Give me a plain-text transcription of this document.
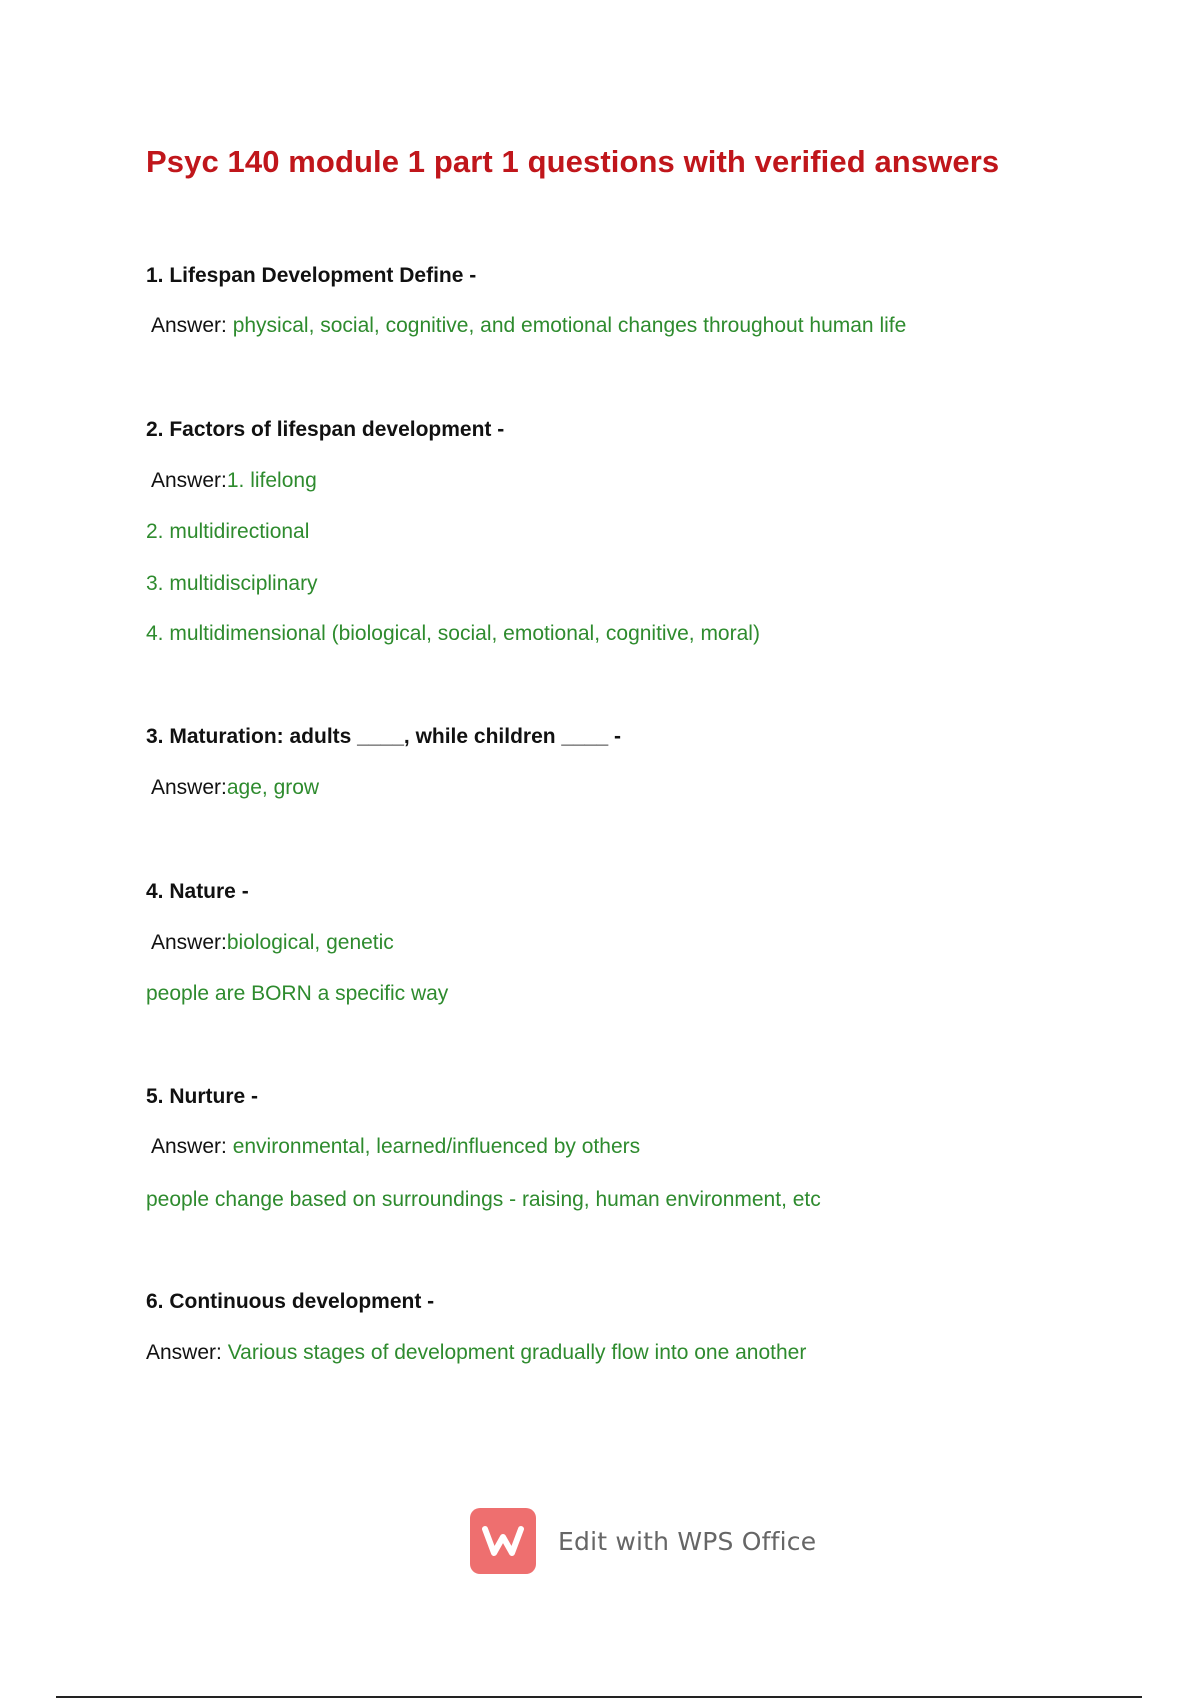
Psyc 140 module 1 part 1 questions with verified answers
1. Lifespan Development Define -
Answer: physical, social, cognitive, and emotional changes throughout human life
2. Factors of lifespan development -
Answer:1. lifelong
2. multidirectional
3. multidisciplinary
4. multidimensional (biological, social, emotional, cognitive, moral)
3. Maturation: adults ____, while children ____ -
Answer:age, grow
4. Nature -
Answer:biological, genetic
people are BORN a specific way
5. Nurture -
Answer: environmental, learned/influenced by others
people change based on surroundings - raising, human environment, etc
6. Continuous development -
Answer: Various stages of development gradually flow into one another
Edit with WPS Office
